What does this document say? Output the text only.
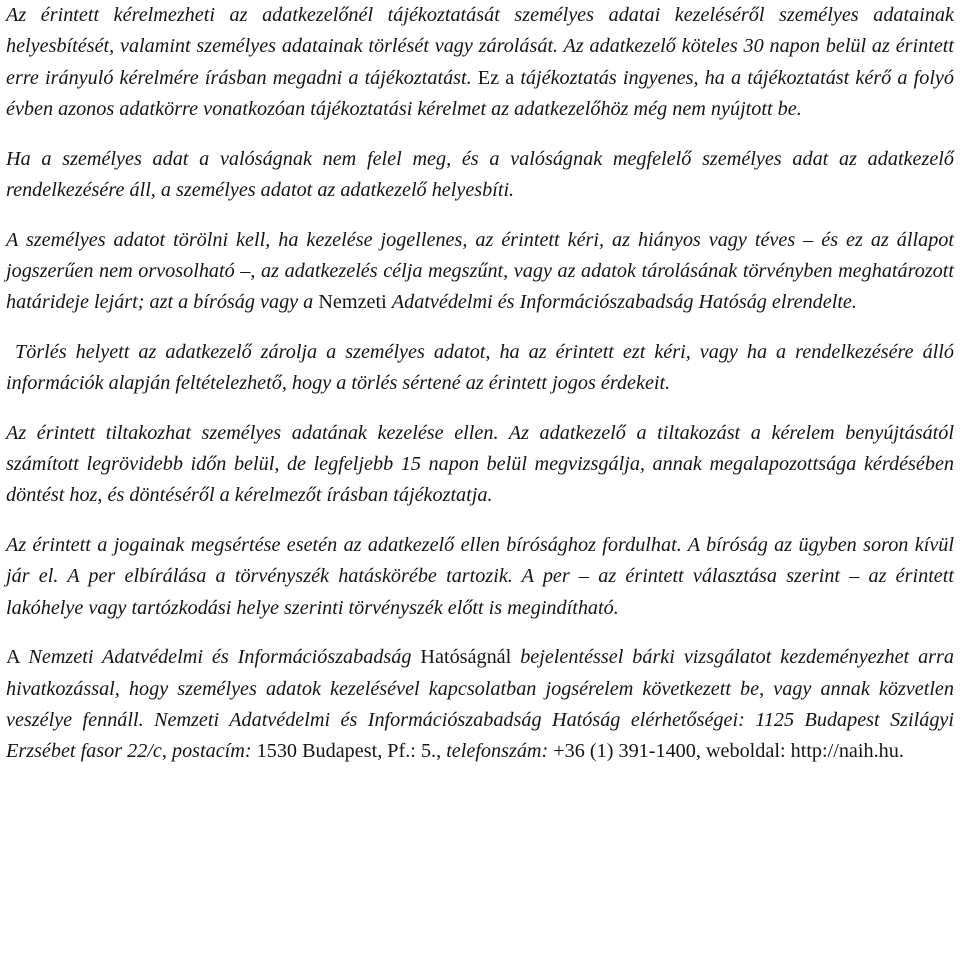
Az érintett kérelmezheti az adatkezelőnél tájékoztatását személyes adatai kezeléséről személyes adatainak helyesbítését, valamint személyes adatainak törlését vagy zárolását. Az adatkezelő köteles 30 napon belül az érintett erre irányuló kérelmére írásban megadni a tájékoztatást. Ez a tájékoztatás ingyenes, ha a tájékoztatást kérő a folyó évben azonos adatkörre vonatkozóan tájékoztatási kérelmet az adatkezelőhöz még nem nyújtott be.

Ha a személyes adat a valóságnak nem felel meg, és a valóságnak megfelelő személyes adat az adatkezelő rendelkezésére áll, a személyes adatot az adatkezelő helyesbíti.

A személyes adatot törölni kell, ha kezelése jogellenes, az érintett kéri, az hiányos vagy téves – és ez az állapot jogszerűen nem orvosolható –, az adatkezelés célja megszűnt, vagy az adatok tárolásának törvényben meghatározott határideje lejárt; azt a bíróság vagy a Nemzeti Adatvédelmi és Információszabadság Hatóság elrendelte.

Törlés helyett az adatkezelő zárolja a személyes adatot, ha az érintett ezt kéri, vagy ha a rendelkezésére álló információk alapján feltételezhető, hogy a törlés sértené az érintett jogos érdekeit.

Az érintett tiltakozhat személyes adatának kezelése ellen. Az adatkezelő a tiltakozást a kérelem benyújtásától számított legrövidebb időn belül, de legfeljebb 15 napon belül megvizsgálja, annak megalapozottsága kérdésében döntést hoz, és döntéséről a kérelmezőt írásban tájékoztatja.

Az érintett a jogainak megsértése esetén az adatkezelő ellen bírósághoz fordulhat. A bíróság az ügyben soron kívül jár el. A per elbírálása a törvényszék hatáskörébe tartozik. A per – az érintett választása szerint – az érintett lakóhelye vagy tartózkodási helye szerinti törvényszék előtt is megindítható.

A Nemzeti Adatvédelmi és Információszabadság Hatóságnál bejelentéssel bárki vizsgálatot kezdeményezhet arra hivatkozással, hogy személyes adatok kezelésével kapcsolatban jogsérelem következett be, vagy annak közvetlen veszélye fennáll. Nemzeti Adatvédelmi és Információszabadság Hatóság elérhetőségei: 1125 Budapest Szilágyi Erzsébet fasor 22/c, postacím: 1530 Budapest, Pf.: 5., telefonszám: +36 (1) 391-1400, weboldal: http://naih.hu.
